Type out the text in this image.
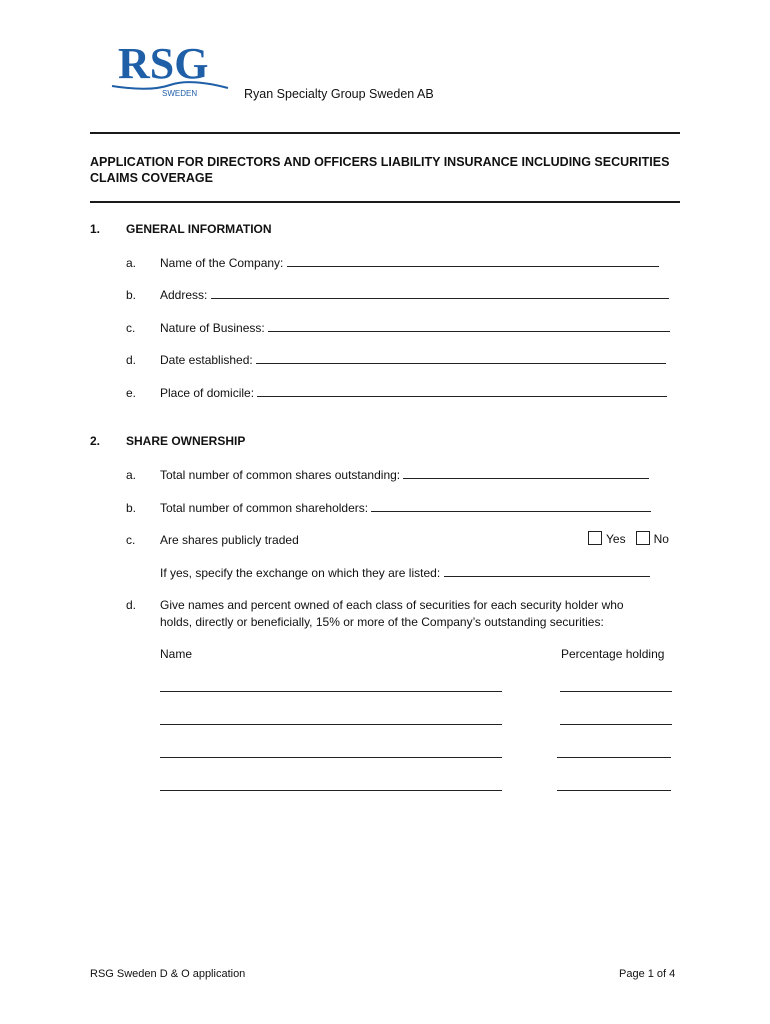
RSG
SWEDEN	Ryan Specialty Group Sweden AB
APPLICATION FOR DIRECTORS AND OFFICERS LIABILITY INSURANCE INCLUDING SECURITIES
CLAIMS COVERAGE
1. GENERAL INFORMATION
a. Name of the Company:
b. Address:
c. Nature of Business:
d. Date established:
e. Place of domicile:
2. SHARE OWNERSHIP
a. Total number of common shares outstanding:
b. Total number of common shareholders:
c. Are shares publicly traded	Yes No
If yes, specify the exchange on which they are listed:
d. Give names and percent owned of each class of securities for each security holder who
holds, directly or beneficially, 15% or more of the Company’s outstanding securities:
Name	Percentage holding
RSG Sweden D & O application	Page 1 of 4
